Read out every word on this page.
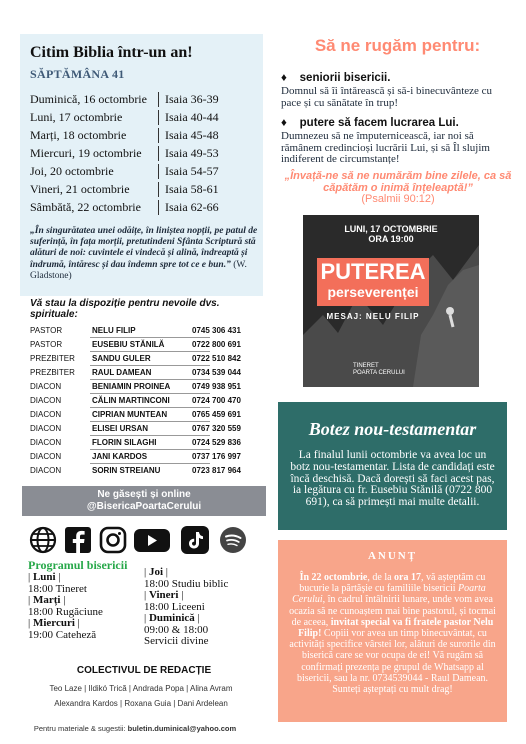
Citim Biblia într-un an!
SĂPTĂMÂNA 41
Duminică, 16 octombrie	Isaia 36-39
Luni, 17 octombrie	Isaia 40-44
Marți, 18 octombrie	Isaia 45-48
Miercuri, 19 octombrie	Isaia 49-53
Joi, 20 octombrie	Isaia 54-57
Vineri, 21 octombrie	Isaia 58-61
Sâmbătă, 22 octombrie	Isaia 62-66
„În singurătatea unei odăițe, în liniștea nopții, pe patul de suferință, în fața morții, pretutindeni Sfânta Scriptură stă alături de noi: cuvintele ei vindecă și alină, îndreaptă și îndrumă, întăresc și dau îndemn spre tot ce e bun.” (W. Gladstone)
Vă stau la dispoziție pentru nevoile dvs. spirituale:
PASTOR	NELU FILIP	0745 306 431
PASTOR	EUSEBIU STĂNILĂ	0722 800 691
PREZBITER SANDU GULER	0722 510 842
PREZBITER RAUL DAMEAN	0734 539 044
DIACON	BENIAMIN PROINEA	0749 938 951
DIACON	CĂLIN MARTINCONI	0724 700 470
DIACON	CIPRIAN MUNTEAN	0765 459 691
DIACON	ELISEI URSAN	0767 320 559
DIACON	FLORIN SILAGHI	0724 529 836
DIACON	JANI KARDOS	0737 176 997
DIACON	SORIN STREIANU	0723 817 964
Ne găsești și online
@BisericaPoartaCerului
Programul bisericii
| Luni |
18:00 Tineret
| Marți |
18:00 Rugăciune
| Miercuri |
19:00 Cateheză
| Joi |
18:00 Studiu biblic
| Vineri |
18:00 Liceeni
| Duminică |
09:00 & 18:00
Servicii divine
COLECTIVUL DE REDACȚIE
Teo Laze | Ildikó Trică | Andrada Popa | Alina Avram
Alexandra Kardos | Roxana Guia | Dani Ardelean
Pentru materiale & sugestii: buletin.duminical@yahoo.com
Să ne rugăm pentru:
♦    seniorii bisericii.
Domnul să îi întărească și să-i binecuvânteze cu pace și cu sănătate în trup!
♦    putere să facem lucrarea Lui.
Dumnezeu să ne împuternicească, iar noi să rămânem credincioși lucrării Lui, și să Îl slujim indiferent de circumstanțe!
„Învață-ne să ne numărăm bine zilele, ca să căpătăm o inimă înțeleaptă!”
(Psalmii 90:12)
LUNI, 17 OCTOMBRIE
ORA 19:00
PUTEREA
perseverenței
MESAJ: NELU FILIP
TINERET
POARTA CERULUI
Botez nou-testamentar
La finalul lunii octombrie va avea loc un botz nou-testamentar. Lista de candidați este încă deschisă. Dacă dorești să faci acest pas, ia legătura cu fr. Eusebiu Stănilă (0722 800 691), ca să primești mai multe detalii.
ANUNȚ
În 22 octombrie, de la ora 17, vă așteptăm cu bucurie la părtășie cu familiile bisericii Poarta Cerului, în cadrul întâlnirii lunare, unde vom avea ocazia să ne cunoaștem mai bine pastorul, și tocmai de aceea, invitat special va fi fratele pastor Nelu Filip! Copiii vor avea un timp binecuvântat, cu activități specifice vârstei lor, alături de surorile din biserică care se vor ocupa de ei! Vă rugăm să confirmați prezența pe grupul de Whatsapp al bisericii, sau la nr. 0734539044 - Raul Damean.
Sunteți așteptați cu mult drag!
